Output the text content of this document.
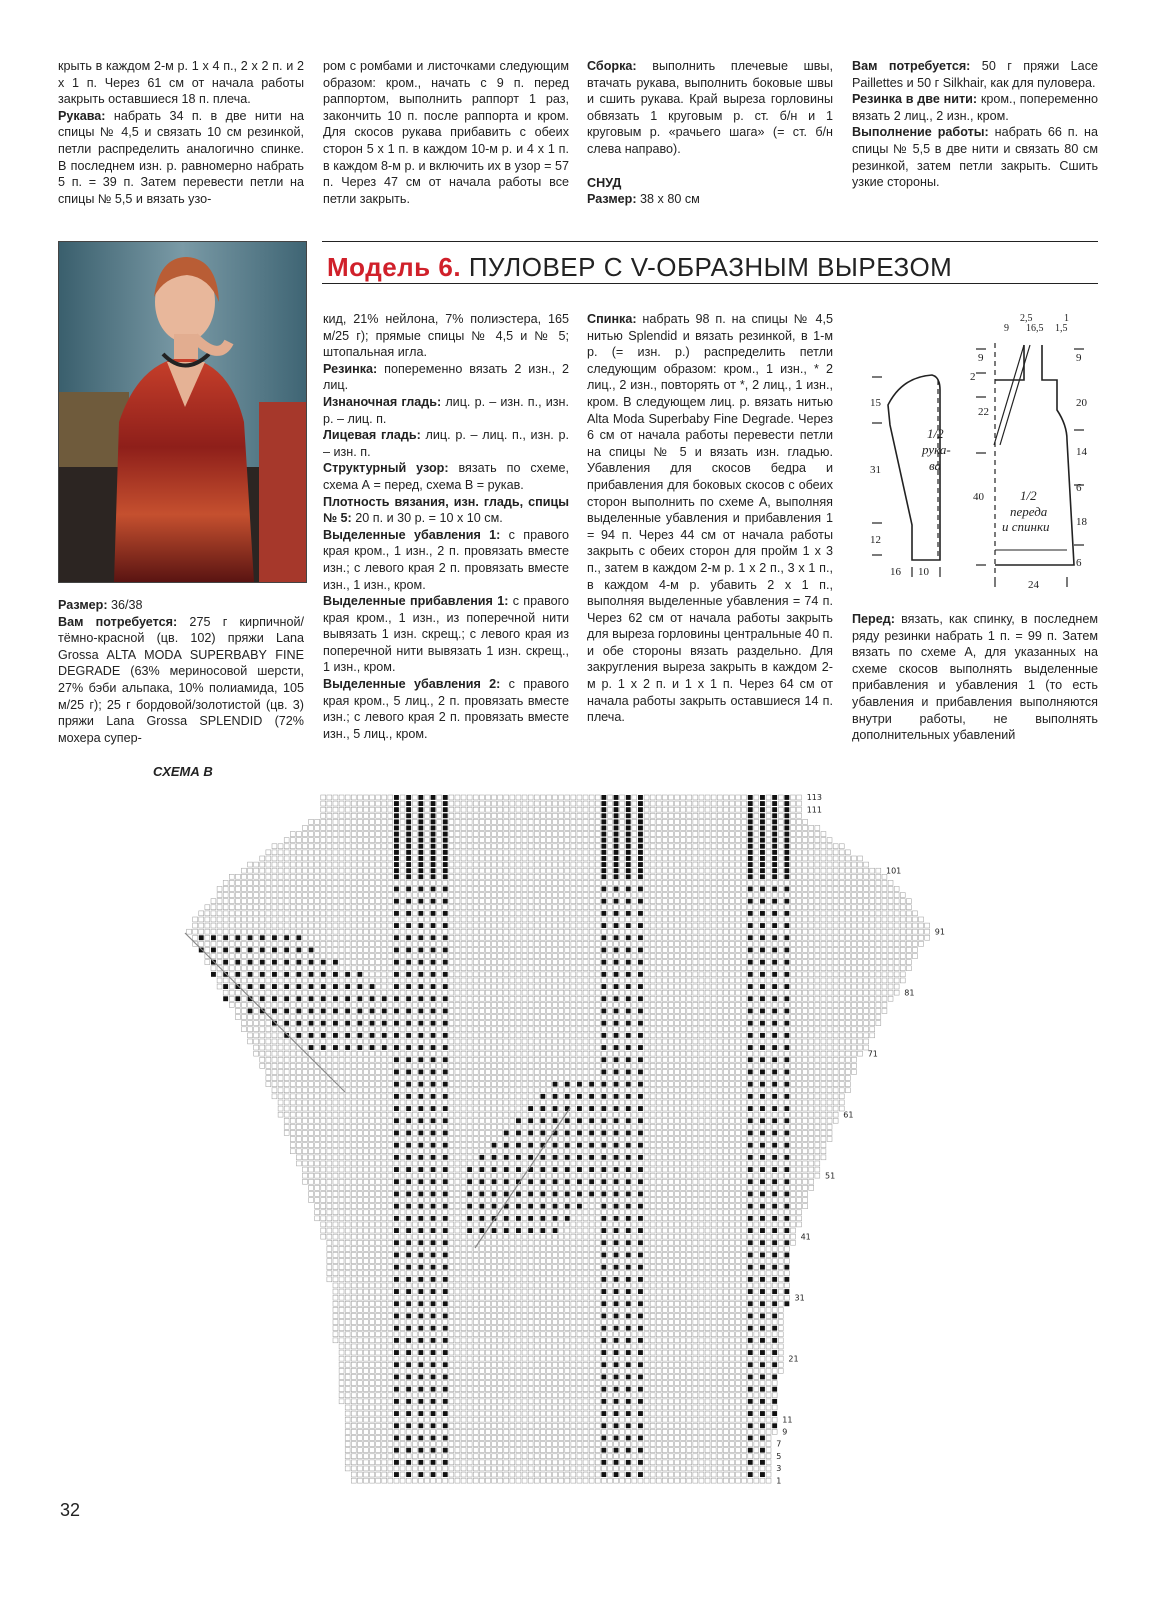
крыть в каждом 2-м р. 1 х 4 п., 2 х 2 п. и 2 х 1 п. Через 61 см от начала работы закрыть оставшиеся 18 п. плеча.

Рукава: набрать 34 п. в две нити на спицы № 4,5 и связать 10 см резинкой, петли распределить аналогично спинке. В последнем изн. р. равномерно набрать 5 п. = 39 п. Затем перевести петли на спицы № 5,5 и вязать узо-

ром с ромбами и листочками следующим образом: кром., начать с 9 п. перед раппортом, выполнить раппорт 1 раз, закончить 10 п. после раппорта и кром. Для скосов рукава прибавить с обеих сторон 5 х 1 п. в каждом 10-м р. и 4 х 1 п. в каждом 8-м р. и включить их в узор = 57 п. Через 47 см от начала работы все петли закрыть.

Сборка: выполнить плечевые швы, втачать рукава, выполнить боковые швы и сшить рукава. Край выреза горловины обвязать 1 круговым р. ст. б/н и 1 круговым р. «рачьего шага» (= ст. б/н слева направо).

СНУД

Размер: 38 х 80 см

Вам потребуется: 50 г пряжи Lace Paillettes и 50 г Silkhair, как для пуловера.

Резинка в две нити: кром., попеременно вязать 2 лиц., 2 изн., кром.

Выполнение работы: набрать 66 п. на спицы № 5,5 в две нити и связать 80 см резинкой, затем петли закрыть. Сшить узкие стороны.

Модель 6. ПУЛОВЕР С V-ОБРАЗНЫМ ВЫРЕЗОМ

Размер: 36/38

Вам потребуется: 275 г кирпичной/тёмно-красной (цв. 102) пряжи Lana Grossa ALTA MODA SUPERBABY FINE DEGRADE (63% мериносовой шерсти, 27% бэби альпака, 10% полиамида, 105 м/25 г); 25 г бордовой/золотистой (цв. 3) пряжи Lana Grossa SPLENDID (72% мохера супер-

кид, 21% нейлона, 7% полиэстера, 165 м/25 г); прямые спицы № 4,5 и № 5; штопальная игла.

Резинка: попеременно вязать 2 изн., 2 лиц.

Изнаночная гладь: лиц. р. – изн. п., изн. р. – лиц. п.

Лицевая гладь: лиц. р. – лиц. п., изн. р. – изн. п.

Структурный узор: вязать по схеме, схема А = перед, схема В = рукав.

Плотность вязания, изн. гладь, спицы № 5: 20 п. и 30 р. = 10 х 10 см.

Выделенные убавления 1: с правого края кром., 1 изн., 2 п. провязать вместе изн.; с левого края 2 п. провязать вместе изн., 1 изн., кром.

Выделенные прибавления 1: с правого края кром., 1 изн., из поперечной нити вывязать 1 изн. скрещ.; с левого края из поперечной нити вывязать 1 изн. скрещ., 1 изн., кром.

Выделенные убавления 2: с правого края кром., 5 лиц., 2 п. провязать вместе изн.; с левого края 2 п. провязать вместе изн., 5 лиц., кром.

Спинка: набрать 98 п. на спицы № 4,5 нитью Splendid и вязать резинкой, в 1-м р. (= изн. р.) распределить петли следующим образом: кром., 1 изн., * 2 лиц., 2 изн., повторять от *, 2 лиц., 1 изн., кром. В следующем лиц. р. вязать нитью Alta Moda Superbaby Fine Degrade. Через 6 см от начала работы перевести петли на спицы № 5 и вязать изн. гладью. Убавления для скосов бедра и прибавления для боковых скосов с обеих сторон выполнить по схеме А, выполняя выделенные убавления и прибавления 1 = 94 п. Через 44 см от начала работы закрыть с обеих сторон для пройм 1 х 3 п., затем в каждом 2-м р. 1 х 2 п., 3 х 1 п., в каждом 4-м р. убавить 2 х 1 п., выполняя выделенные убавления = 74 п. Через 62 см от начала работы закрыть для выреза горловины центральные 40 п. и обе стороны вязать раздельно. Для закругления выреза закрыть в каждом 2-м р. 1 х 2 п. и 1 х 1 п. Через 64 см от начала работы закрыть оставшиеся 14 п. плеча.

Перед: вязать, как спинку, в последнем ряду резинки набрать 1 п. = 99 п. Затем вязать по схеме А, для указанных на схеме скосов выполнять выделенные прибавления и убавления 1 (то есть убавления и прибавления выполняются внутри работы, не выполнять дополнительных убавлений

1/2
рука-
ва
1/2
переда
и спинки
15
31
12
16 10
2,5	1
9 16,5 1,5
9
2
22
40
20
14
6
18
6
24
9
СХЕМА В
113
111
101
91
81
71
61
51
41
31
21
11
9
7
5
3
1
32
